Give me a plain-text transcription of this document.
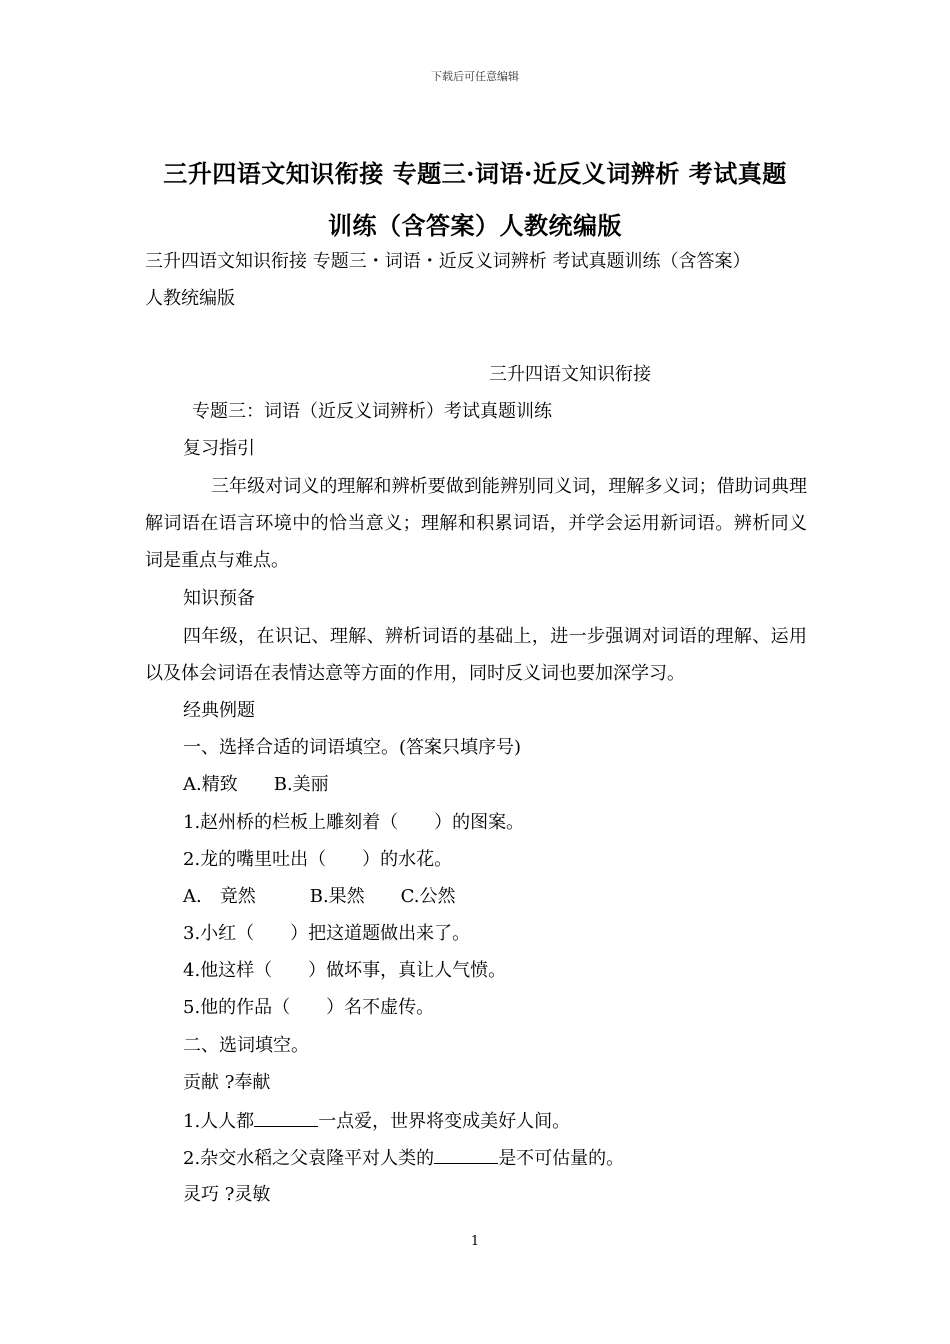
下载后可任意编辑
三升四语文知识衔接 专题三·词语·近反义词辨析 考试真题
训练（含答案）人教统编版
三升四语文知识衔接 专题三・词语・近反义词辨析 考试真题训练（含答案）
人教统编版
三升四语文知识衔接
专题三：词语（近反义词辨析）考试真题训练
复习指引
三年级对词义的理解和辨析要做到能辨别同义词，理解多义词；借助词典理解词语在语言环境中的恰当意义；理解和积累词语，并学会运用新词语。辨析同义词是重点与难点。
知识预备
四年级，在识记、理解、辨析词语的基础上，进一步强调对词语的理解、运用以及体会词语在表情达意等方面的作用，同时反义词也要加深学习。
经典例题
一、选择合适的词语填空。(答案只填序号)
A.精致　　B.美丽
1.赵州桥的栏板上雕刻着（　　）的图案。
2.龙的嘴里吐出（　　）的水花。
A.　竟然　　　B.果然　　C.公然
3.小红（　　）把这道题做出来了。
4.他这样（　　）做坏事，真让人气愤。
5.他的作品（　　）名不虚传。
二、选词填空。
贡献 ?奉献
1.人人都	一点爱，世界将变成美好人间。
2.杂交水稻之父袁隆平对人类的	是不可估量的。
灵巧 ?灵敏
1
